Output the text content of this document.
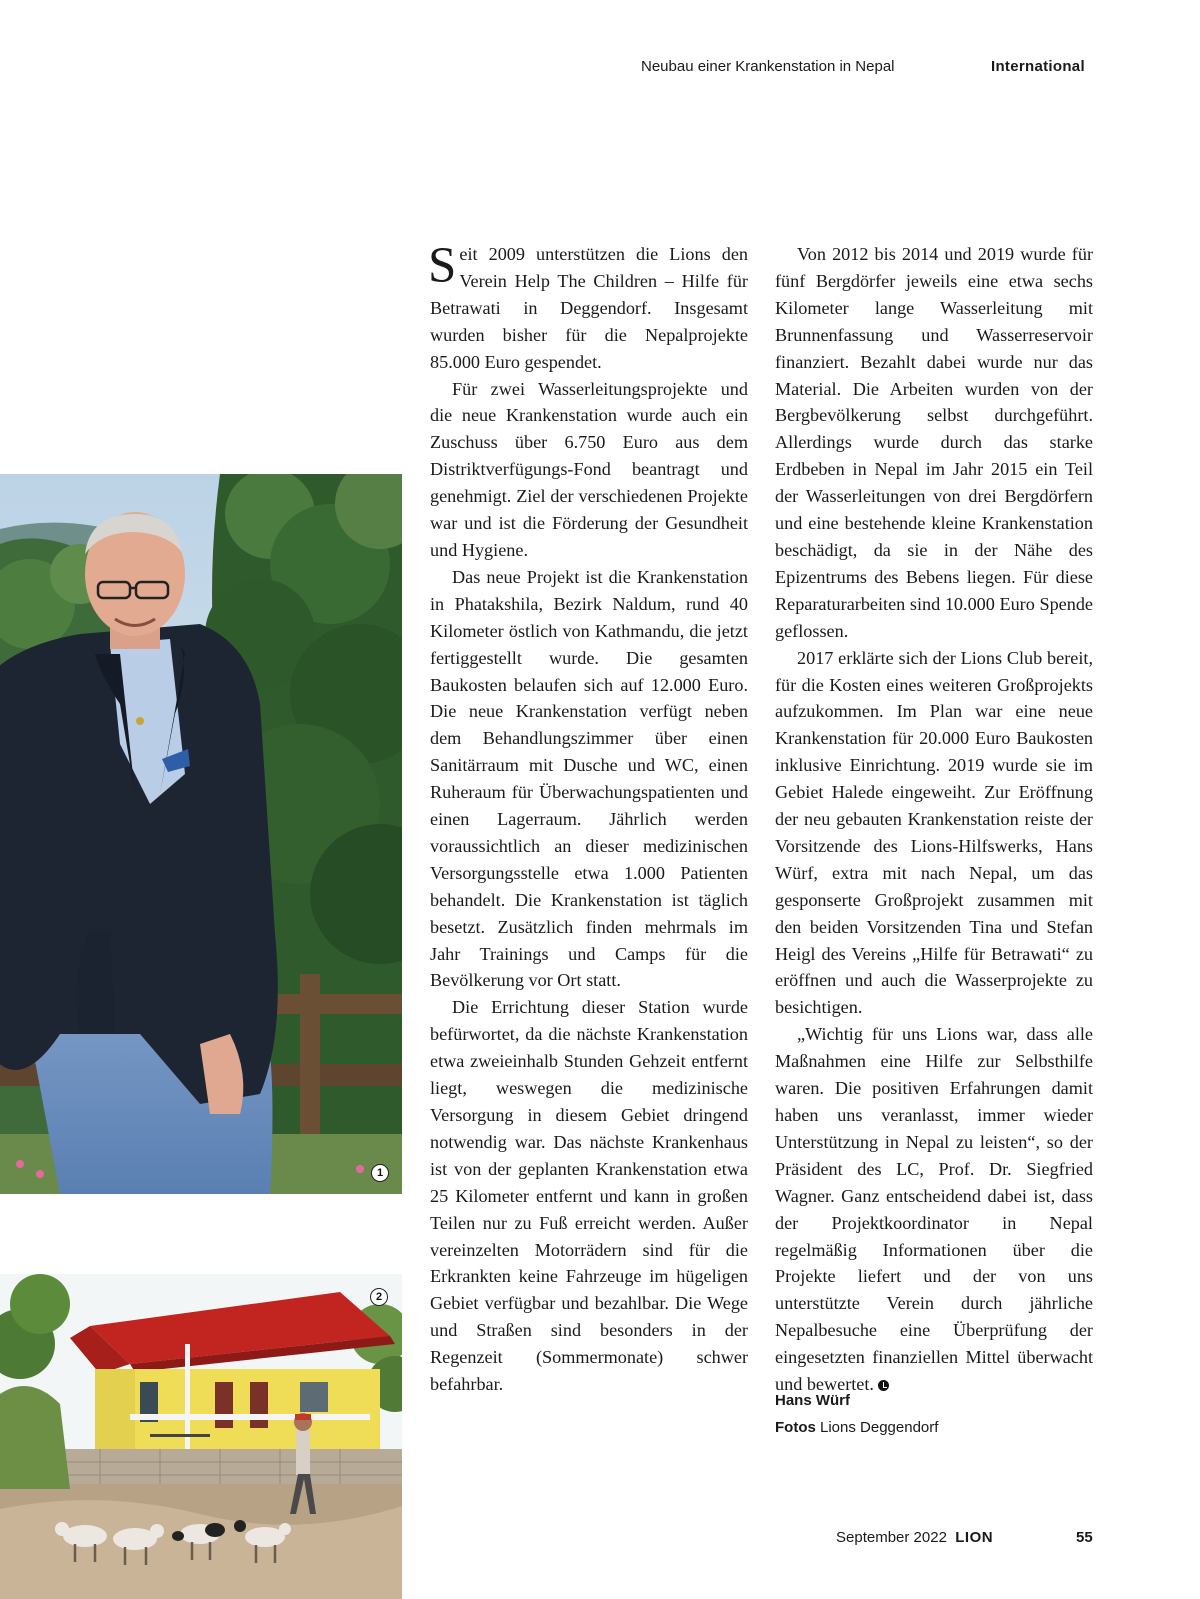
Neubau einer Krankenstation in Nepal	International
1
2

Seit 2009 unterstützen die Lions den Verein Help The Children – Hilfe für Betrawati in Deggendorf. Insgesamt wurden bisher für die Nepalprojekte 85.000 Euro gespendet.

Für zwei Wasserleitungsprojekte und die neue Krankenstation wurde auch ein Zuschuss über 6.750 Euro aus dem Distriktverfügungs-Fond beantragt und genehmigt. Ziel der verschiedenen Projekte war und ist die Förderung der Gesundheit und Hygiene.

Das neue Projekt ist die Krankenstation in Phatakshila, Bezirk Naldum, rund 40 Kilometer östlich von Kathmandu, die jetzt fertiggestellt wurde. Die gesamten Baukosten belaufen sich auf 12.000 Euro. Die neue Krankenstation verfügt neben dem Behandlungszimmer über einen Sanitärraum mit Dusche und WC, einen Ruheraum für Überwachungspatienten und einen Lagerraum. Jährlich werden voraussichtlich an dieser medizinischen Versorgungsstelle etwa 1.000 Patienten behandelt. Die Krankenstation ist täglich besetzt. Zusätzlich finden mehrmals im Jahr Trainings und Camps für die Bevölkerung vor Ort statt.

Die Errichtung dieser Station wurde befürwortet, da die nächste Krankenstation etwa zweieinhalb Stunden Gehzeit entfernt liegt, weswegen die medizinische Versorgung in diesem Gebiet dringend notwendig war. Das nächste Krankenhaus ist von der geplanten Krankenstation etwa 25 Kilometer entfernt und kann in großen Teilen nur zu Fuß erreicht werden. Außer vereinzelten Motorrädern sind für die Erkrankten keine Fahrzeuge im hügeligen Gebiet verfügbar und bezahlbar. Die Wege und Straßen sind besonders in der Regenzeit (Sommermonate) schwer befahrbar.

Von 2012 bis 2014 und 2019 wurde für fünf Bergdörfer jeweils eine etwa sechs Kilometer lange Wasserleitung mit Brunnenfassung und Wasserreservoir finanziert. Bezahlt dabei wurde nur das Material. Die Arbeiten wurden von der Bergbevölkerung selbst durchgeführt. Allerdings wurde durch das starke Erdbeben in Nepal im Jahr 2015 ein Teil der Wasserleitungen von drei Bergdörfern und eine bestehende kleine Krankenstation beschädigt, da sie in der Nähe des Epizentrums des Bebens liegen. Für diese Reparaturarbeiten sind 10.000 Euro Spende geflossen.

2017 erklärte sich der Lions Club bereit, für die Kosten eines weiteren Großprojekts aufzukommen. Im Plan war eine neue Krankenstation für 20.000 Euro Baukosten inklusive Einrichtung. 2019 wurde sie im Gebiet Halede eingeweiht. Zur Eröffnung der neu gebauten Krankenstation reiste der Vorsitzende des Lions-Hilfswerks, Hans Würf, extra mit nach Nepal, um das gesponserte Großprojekt zusammen mit den beiden Vorsitzenden Tina und Stefan Heigl des Vereins „Hilfe für Betrawati“ zu eröffnen und auch die Wasserprojekte zu besichtigen.

„Wichtig für uns Lions war, dass alle Maßnahmen eine Hilfe zur Selbsthilfe waren. Die positiven Erfahrungen damit haben uns veranlasst, immer wieder Unterstützung in Nepal zu leisten“, so der Präsident des LC, Prof. Dr. Siegfried Wagner. Ganz entscheidend dabei ist, dass der Projektkoordinator in Nepal regelmäßig Informationen über die Projekte liefert und der von uns unterstützte Verein durch jährliche Nepalbesuche eine Überprüfung der eingesetzten finanziellen Mittel überwacht und bewertet.

Hans Würf
Fotos Lions Deggendorf
September 2022 LION	55
